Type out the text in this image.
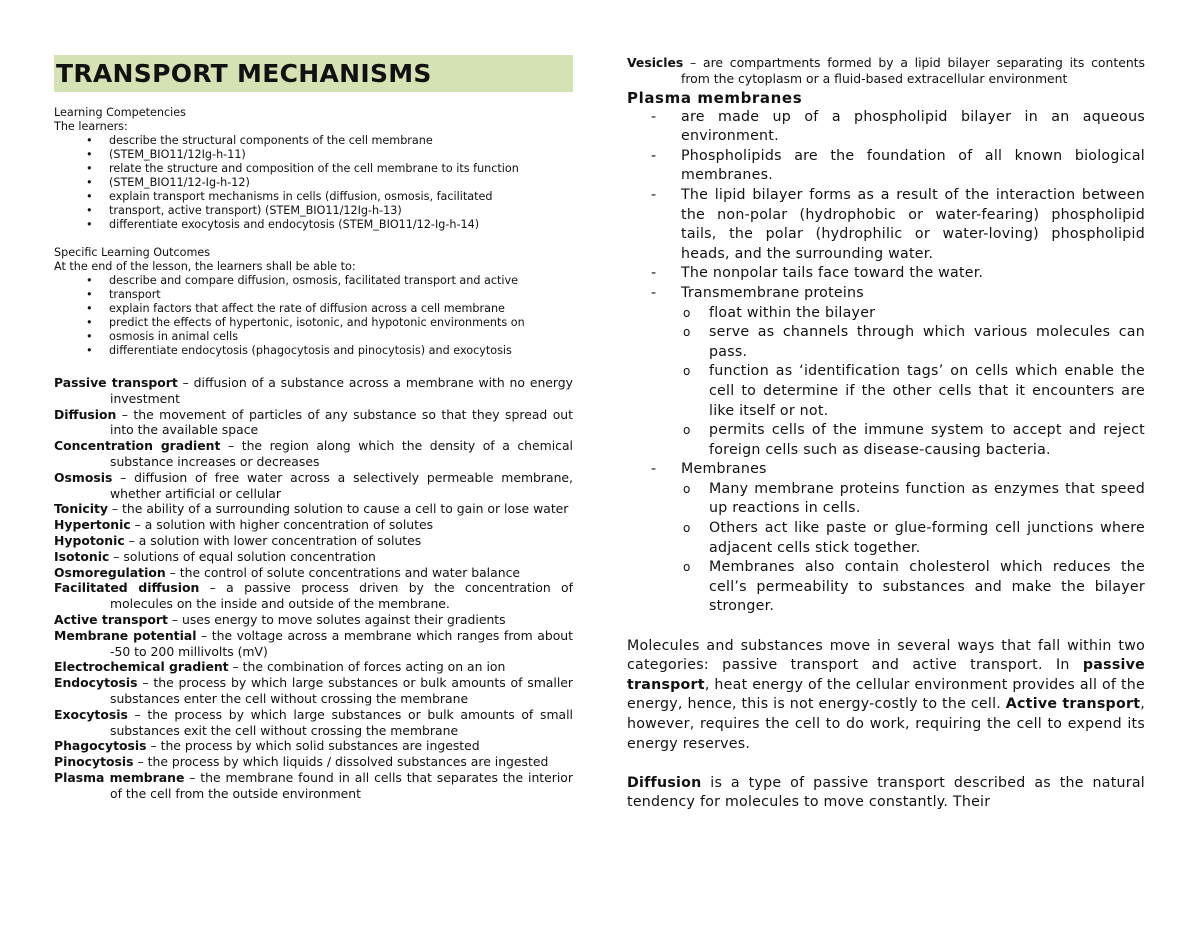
TRANSPORT MECHANISMS
Learning Competencies
The learners:
• describe the structural components of the cell membrane
• (STEM_BIO11/12Ig-h-11)
• relate the structure and composition of the cell membrane to its function
• (STEM_BIO11/12-Ig-h-12)
• explain transport mechanisms in cells (diffusion, osmosis, facilitated
• transport, active transport) (STEM_BIO11/12Ig-h-13)
• differentiate exocytosis and endocytosis (STEM_BIO11/12-Ig-h-14)
Specific Learning Outcomes
At the end of the lesson, the learners shall be able to:
• describe and compare diffusion, osmosis, facilitated transport and active
• transport
• explain factors that affect the rate of diffusion across a cell membrane
• predict the effects of hypertonic, isotonic, and hypotonic environments on
• osmosis in animal cells
• differentiate endocytosis (phagocytosis and pinocytosis) and exocytosis
Passive transport – diffusion of a substance across a membrane with no energy investment
Diffusion – the movement of particles of any substance so that they spread out into the available space
Concentration gradient – the region along which the density of a chemical substance increases or decreases
Osmosis – diffusion of free water across a selectively permeable membrane, whether artificial or cellular
Tonicity – the ability of a surrounding solution to cause a cell to gain or lose water
Hypertonic – a solution with higher concentration of solutes
Hypotonic – a solution with lower concentration of solutes
Isotonic – solutions of equal solution concentration
Osmoregulation – the control of solute concentrations and water balance
Facilitated diffusion – a passive process driven by the concentration of molecules on the inside and outside of the membrane.
Active transport – uses energy to move solutes against their gradients
Membrane potential – the voltage across a membrane which ranges from about -50 to 200 millivolts (mV)
Electrochemical gradient – the combination of forces acting on an ion
Endocytosis – the process by which large substances or bulk amounts of smaller substances enter the cell without crossing the membrane
Exocytosis – the process by which large substances or bulk amounts of small substances exit the cell without crossing the membrane
Phagocytosis – the process by which solid substances are ingested
Pinocytosis – the process by which liquids / dissolved substances are ingested
Plasma membrane – the membrane found in all cells that separates the interior of the cell from the outside environment
Vesicles – are compartments formed by a lipid bilayer separating its contents from the cytoplasm or a fluid-based extracellular environment
Plasma membranes
- are made up of a phospholipid bilayer in an aqueous environment.
- Phospholipids are the foundation of all known biological membranes.
- The lipid bilayer forms as a result of the interaction between the non-polar (hydrophobic or water-fearing) phospholipid tails, the polar (hydrophilic or water-loving) phospholipid heads, and the surrounding water.
- The nonpolar tails face toward the water.
- Transmembrane proteins
o float within the bilayer
o serve as channels through which various molecules can pass.
o function as ‘identification tags’ on cells which enable the cell to determine if the other cells that it encounters are like itself or not.
o permits cells of the immune system to accept and reject foreign cells such as disease-causing bacteria.
- Membranes
o Many membrane proteins function as enzymes that speed up reactions in cells.
o Others act like paste or glue-forming cell junctions where adjacent cells stick together.
o Membranes also contain cholesterol which reduces the cell’s permeability to substances and make the bilayer stronger.
Molecules and substances move in several ways that fall within two categories: passive transport and active transport. In passive transport, heat energy of the cellular environment provides all of the energy, hence, this is not energy-costly to the cell. Active transport, however, requires the cell to do work, requiring the cell to expend its energy reserves.
Diffusion is a type of passive transport described as the natural tendency for molecules to move constantly. Their
